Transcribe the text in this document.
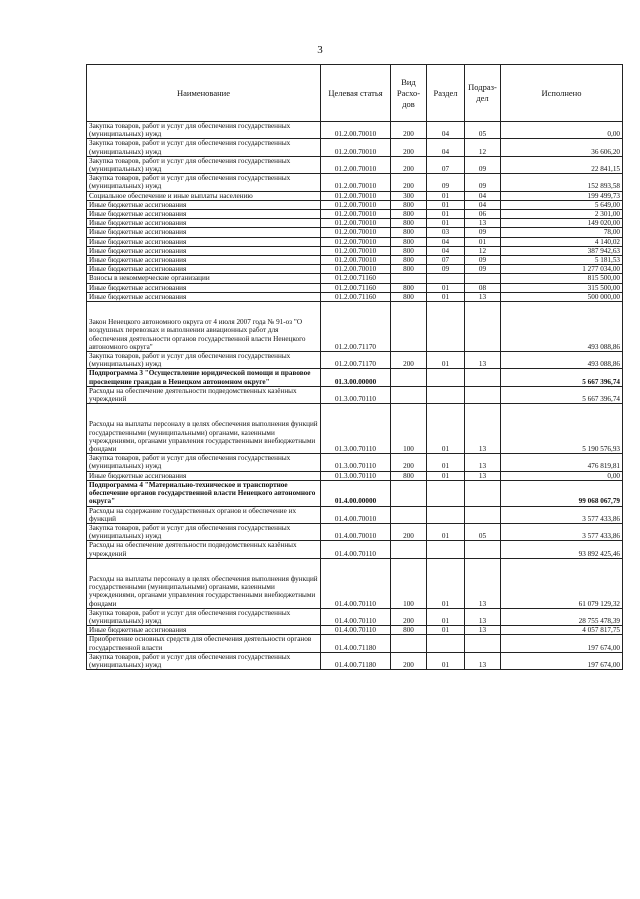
3
Наименование	Целевая статья	Вид Расхо-дов	Раздел	Подраз-дел	Исполнено
Закупка товаров, работ и услуг для обеспечения государственных (муниципальных) нужд	01.2.00.70010	200	04	05	0,00
Закупка товаров, работ и услуг для обеспечения государственных (муниципальных) нужд	01.2.00.70010	200	04	12	36 606,20
Закупка товаров, работ и услуг для обеспечения государственных (муниципальных) нужд	01.2.00.70010	200	07	09	22 841,15
Закупка товаров, работ и услуг для обеспечения государственных (муниципальных) нужд	01.2.00.70010	200	09	09	152 893,58
Социальное обеспечение и иные выплаты населению	01.2.00.70010	300	01	04	199 499,73
Иные бюджетные ассигнования	01.2.00.70010	800	01	04	5 649,00
Иные бюджетные ассигнования	01.2.00.70010	800	01	06	2 301,00
Иные бюджетные ассигнования	01.2.00.70010	800	01	13	149 020,00
Иные бюджетные ассигнования	01.2.00.70010	800	03	09	78,00
Иные бюджетные ассигнования	01.2.00.70010	800	04	01	4 140,02
Иные бюджетные ассигнования	01.2.00.70010	800	04	12	387 942,63
Иные бюджетные ассигнования	01.2.00.70010	800	07	09	5 181,53
Иные бюджетные ассигнования	01.2.00.70010	800	09	09	1 277 034,00
Взносы в некоммерческие организации	01.2.00.71160				815 500,00
Иные бюджетные ассигнования	01.2.00.71160	800	01	08	315 500,00
Иные бюджетные ассигнования	01.2.00.71160	800	01	13	500 000,00
Закон Ненецкого автономного округа от 4 июля 2007 года № 91-оз "О воздушных перевозках и выполнении авиационных работ для обеспечения деятельности органов государственной власти Ненецкого автономного округа"	01.2.00.71170				493 088,86
Закупка товаров, работ и услуг для обеспечения государственных (муниципальных) нужд	01.2.00.71170	200	01	13	493 088,86
Подпрограмма 3 "Осуществление юридической помощи и правовое просвещение граждан в Ненецком автономном округе"	01.3.00.00000				5 667 396,74
Расходы на обеспечение деятельности подведомственных казённых учреждений	01.3.00.70110				5 667 396,74
Расходы на выплаты персоналу в целях обеспечения выполнения функций государственными (муниципальными) органами, казенными учреждениями, органами управления государственными внебюджетными фондами	01.3.00.70110	100	01	13	5 190 576,93
Закупка товаров, работ и услуг для обеспечения государственных (муниципальных) нужд	01.3.00.70110	200	01	13	476 819,81
Иные бюджетные ассигнования	01.3.00.70110	800	01	13	0,00
Подпрограмма 4 "Материально-техническое и транспортное обеспечение органов государственной власти Ненецкого автономного округа"	01.4.00.00000				99 068 067,79
Расходы на содержание государственных органов и обеспечение их функций	01.4.00.70010				3 577 433,86
Закупка товаров, работ и услуг для обеспечения государственных (муниципальных) нужд	01.4.00.70010	200	01	05	3 577 433,86
Расходы на обеспечение деятельности подведомственных казённых учреждений	01.4.00.70110				93 892 425,46
Расходы на выплаты персоналу в целях обеспечения выполнения функций государственными (муниципальными) органами, казенными учреждениями, органами управления государственными внебюджетными фондами	01.4.00.70110	100	01	13	61 079 129,32
Закупка товаров, работ и услуг для обеспечения государственных (муниципальных) нужд	01.4.00.70110	200	01	13	28 755 478,39
Иные бюджетные ассигнования	01.4.00.70110	800	01	13	4 057 817,75
Приобретение основных средств для обеспечения деятельности органов государственной власти	01.4.00.71180				197 674,00
Закупка товаров, работ и услуг для обеспечения государственных (муниципальных) нужд	01.4.00.71180	200	01	13	197 674,00
